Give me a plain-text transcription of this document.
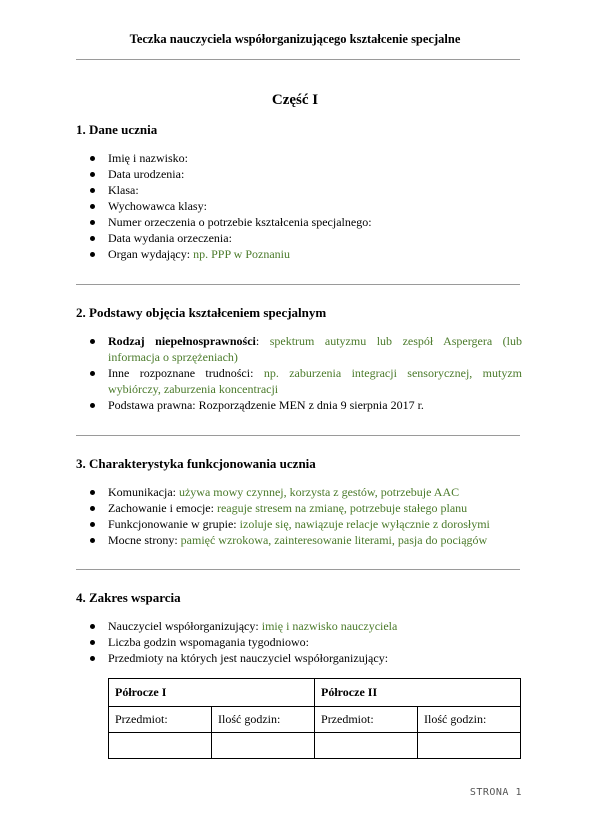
Teczka nauczyciela współorganizującego kształcenie specjalne
Część I
1. Dane ucznia
Imię i nazwisko:
Data urodzenia:
Klasa:
Wychowawca klasy:
Numer orzeczenia o potrzebie kształcenia specjalnego:
Data wydania orzeczenia:
Organ wydający: np. PPP w Poznaniu
2. Podstawy objęcia kształceniem specjalnym
Rodzaj niepełnosprawności: spektrum autyzmu lub zespół Aspergera (lub informacja o sprzężeniach)
Inne rozpoznane trudności: np. zaburzenia integracji sensorycznej, mutyzm wybiórczy, zaburzenia koncentracji
Podstawa prawna: Rozporządzenie MEN z dnia 9 sierpnia 2017 r.
3. Charakterystyka funkcjonowania ucznia
Komunikacja: używa mowy czynnej, korzysta z gestów, potrzebuje AAC
Zachowanie i emocje: reaguje stresem na zmianę, potrzebuje stałego planu
Funkcjonowanie w grupie: izoluje się, nawiązuje relacje wyłącznie z dorosłymi
Mocne strony: pamięć wzrokowa, zainteresowanie literami, pasja do pociągów
4. Zakres wsparcia
Nauczyciel współorganizujący: imię i nazwisko nauczyciela
Liczba godzin wspomagania tygodniowo:
Przedmioty na których jest nauczyciel współorganizujący:
Półrocze I		Półrocze II	
Przedmiot:	Ilość godzin:	Przedmiot:	Ilość godzin:

STRONA 1
